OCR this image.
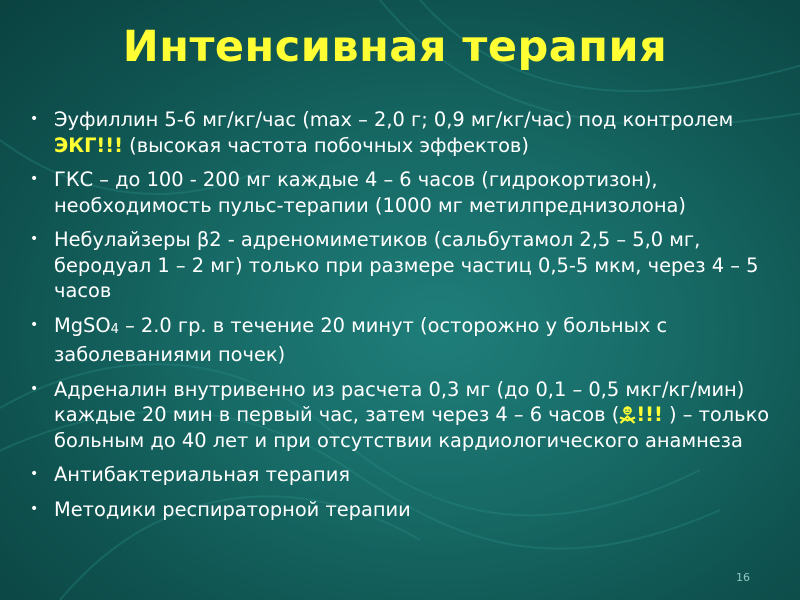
Интенсивная терапия
• Эуфиллин 5-6 мг/кг/час (max – 2,0 г; 0,9 мг/кг/час) под контролем ЭКГ!!! (высокая частота побочных эффектов)
• ГКС – до 100 - 200 мг каждые 4 – 6 часов (гидрокортизон), необходимость пульс-терапии (1000 мг метилпреднизолона)
• Небулайзеры β2 - адреномиметиков (сальбутамол 2,5 – 5,0 мг, беродуал 1 – 2 мг) только при размере частиц 0,5-5 мкм, через 4 – 5 часов
• MgSO4 – 2.0 гр. в течение 20 минут (осторожно у больных с заболеваниями почек)
• Адреналин внутривенно из расчета 0,3 мг (до 0,1 – 0,5 мкг/кг/мин) каждые 20 мин в первый час, затем через 4 – 6 часов ( !!! ) – только больным до 40 лет и при отсутствии кардиологического анамнеза
• Антибактериальная терапия
• Методики респираторной терапии
16
